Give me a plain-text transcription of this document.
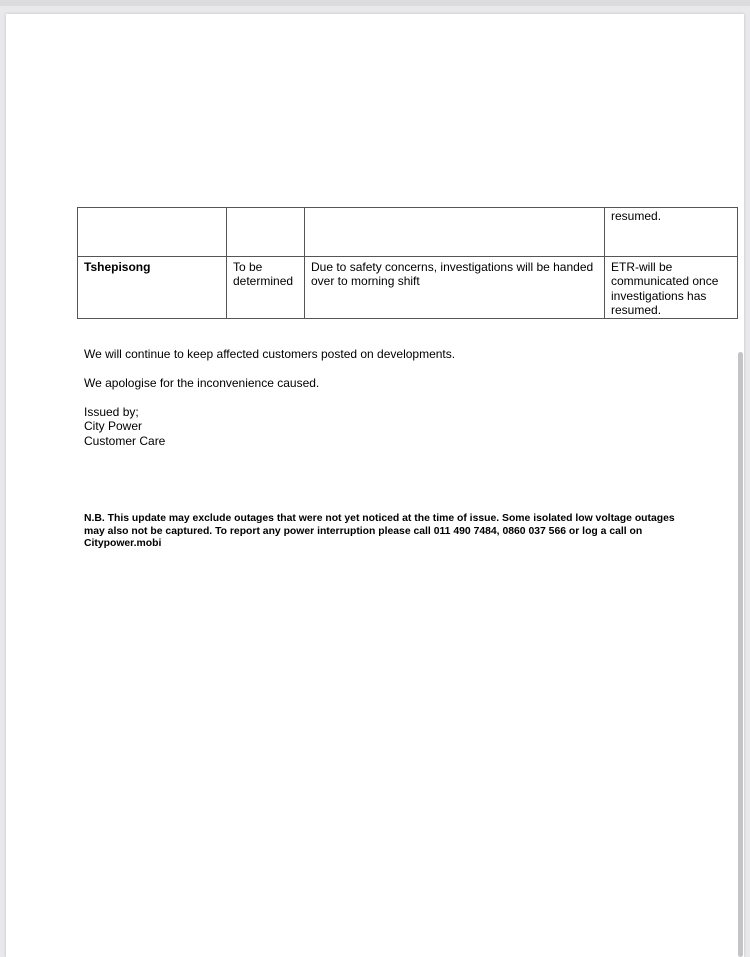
			resumed.
Tshepisong	To be determined	Due to safety concerns, investigations will be handed over to morning shift	ETR-will be communicated once investigations has resumed.
We will continue to keep affected customers posted on developments.
We apologise for the inconvenience caused.
Issued by;
City Power
Customer Care
N.B. This update may exclude outages that were not yet noticed at the time of issue. Some isolated low voltage outages may also not be captured. To report any power interruption please call 011 490 7484, 0860 037 566 or log a call on Citypower.mobi
